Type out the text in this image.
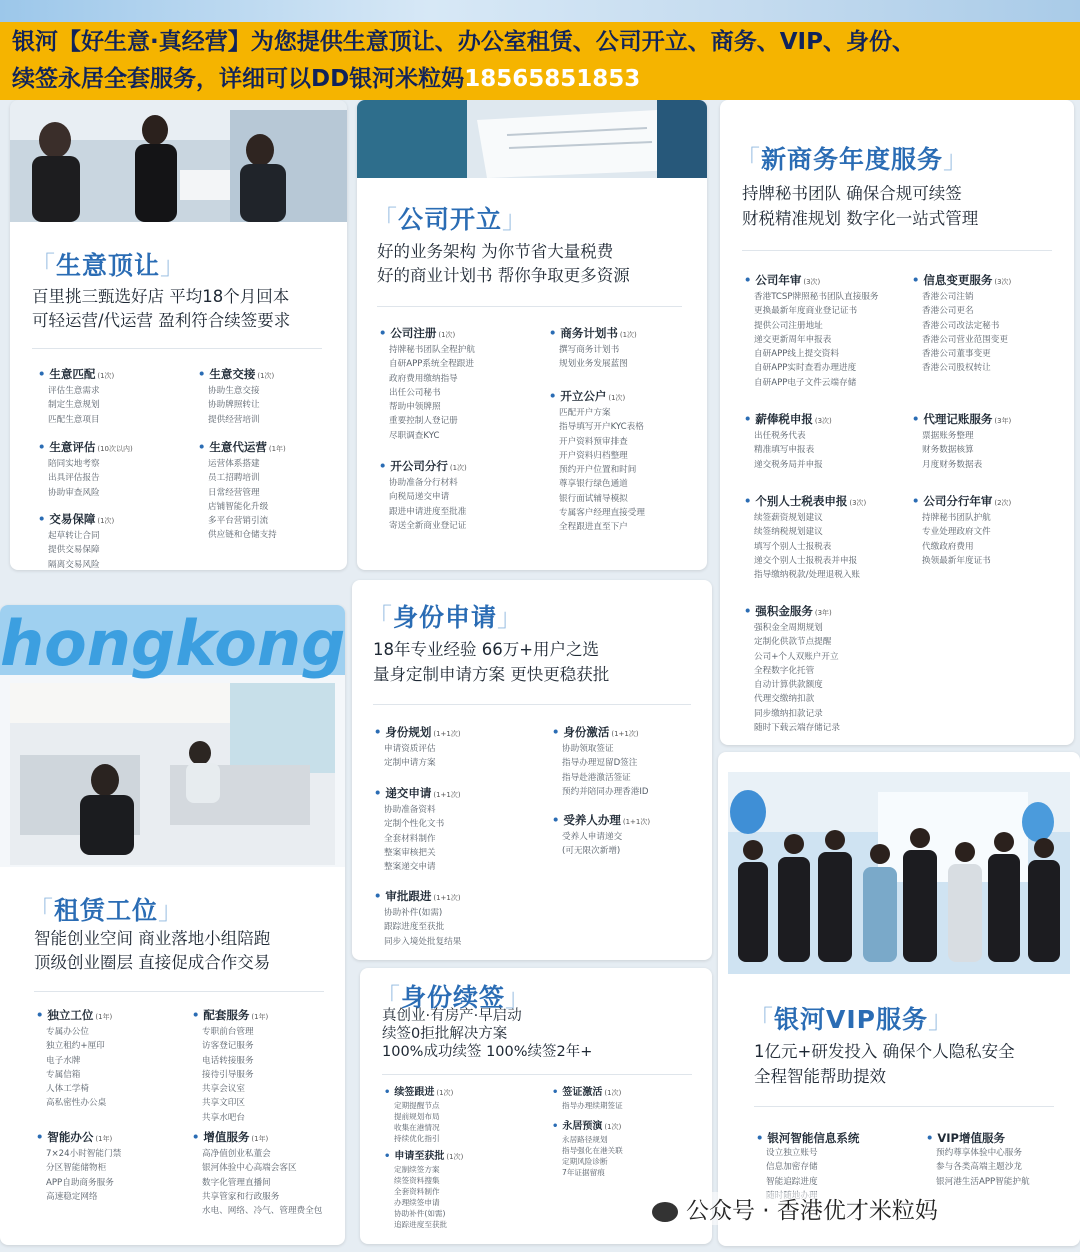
银河【好生意·真经营】为您提供生意顶让、办公室租赁、公司开立、商务、VIP、身份、
续签永居全套服务，详细可以DD银河米粒妈18565851853
「生意顶让」
百里挑三甄选好店 平均18个月回本
可轻运营/代运营 盈利符合续签要求
• 生意匹配 (1次)
评估生意需求
制定生意规划
匹配生意项目
• 生意交接 (1次)
协助生意交接
协助牌照转让
提供经营培训
• 生意评估 (10次以内)
陪同实地考察
出具评估报告
协助审查风险
• 生意代运营 (1年)
运营体系搭建
员工招聘培训
日常经营管理
店铺智能化升级
多平台营销引流
供应链和仓储支持
• 交易保障 (1次)
起草转让合同
提供交易保障
隔离交易风险
「公司开立」
好的业务架构 为你节省大量税费
好的商业计划书 帮你争取更多资源
• 公司注册 (1次)
持牌秘书团队全程护航
自研APP系统全程跟进
政府费用缴纳指导
出任公司秘书
帮助申领牌照
重要控制人登记册
尽职调查KYC
• 商务计划书 (1次)
撰写商务计划书
规划业务发展蓝图
• 开立公户 (1次)
匹配开户方案
指导填写开户KYC表格
开户资料预审排查
开户资料归档整理
预约开户位置和时间
尊享银行绿色通道
银行面试辅导模拟
专属客户经理直接受理
全程跟进直至下户
• 开公司分行 (1次)
协助准备分行材料
向税局递交申请
跟进申请进度至批准
寄送全新商业登记证
「新商务年度服务」
持牌秘书团队 确保合规可续签
财税精准规划 数字化一站式管理
• 公司年审 (3次)
香港TCSP牌照秘书团队直接服务
更换最新年度商业登记证书
提供公司注册地址
递交更新周年申报表
自研APP线上提交资料
自研APP实时查看办理进度
自研APP电子文件云端存储
• 信息变更服务 (3次)
香港公司注销
香港公司更名
香港公司改法定秘书
香港公司营业范围变更
香港公司董事变更
香港公司股权转让
• 薪俸税申报 (3次)
出任税务代表
精准填写申报表
递交税务局并申报
• 代理记账服务 (3年)
票据账务整理
财务数据核算
月度财务数据表
• 个别人士税表申报 (3次)
续签薪资规划建议
续签纳税规划建议
填写个别人士报税表
递交个别人士报税表并申报
指导缴纳税款/处理退税入账
• 公司分行年审 (2次)
持牌秘书团队护航
专业处理政府文件
代缴政府费用
换领最新年度证书
• 强积金服务 (3年)
强积金全周期规划
定制化供款节点提醒
公司+个人双账户开立
全程数字化托管
自动计算供款额度
代理交缴纳扣款
同步缴纳扣款记录
随时下载云端存储记录
hongkong
「租赁工位」
智能创业空间 商业落地小组陪跑
顶级创业圈层 直接促成合作交易
• 独立工位 (1年)
专属办公位
独立租约+厘印
电子水牌
专属信箱
人体工学椅
高私密性办公桌
• 配套服务 (1年)
专职前台管理
访客登记服务
电话转接服务
接待引导服务
共享会议室
共享文印区
共享水吧台
• 智能办公 (1年)
7×24小时智能门禁
分区智能储物柜
APP自助商务服务
高速稳定网络
• 增值服务 (1年)
高净值创业私董会
银河体验中心高端会客区
数字化管理直播间
共享管家和行政服务
水电、网络、冷气、管理费全包
「身份申请」
18年专业经验 66万+用户之选
量身定制申请方案 更快更稳获批
• 身份规划 (1+1次)
申请资质评估
定制申请方案
• 身份激活 (1+1次)
协助领取签证
指导办理逗留D签注
指导赴港激活签证
预约并陪同办理香港ID
• 递交申请 (1+1次)
协助准备资料
定制个性化文书
全套材料制作
整案审核把关
整案递交申请
• 受养人办理 (1+1次)
受养人申请递交
(可无限次新增)
• 审批跟进 (1+1次)
协助补件(如需)
跟踪进度至获批
同步入境处批复结果
「身份续签」
真创业·有房产·早启动
续签0拒批解决方案
100%成功续签 100%续签2年+
• 续签跟进 (1次)
定期提醒节点
提前规划布局
收集在港情况
持续优化指引
• 签证激活 (1次)
指导办理续期签证
• 永居预演 (1次)
永居路径规划
指导强化在港关联
定期风险诊断
7年证据留痕
• 申请至获批 (1次)
定制续签方案
续签资料搜集
全套资料制作
办理续签申请
协助补件(如需)
追踪进度至获批
「银河VIP服务」
1亿元+研发投入 确保个人隐私安全
全程智能帮助提效
• 银河智能信息系统
设立独立账号
信息加密存储
智能追踪进度
• VIP增值服务
预约尊享体验中心服务
参与各类高端主题沙龙
银河港生活APP智能护航
公众号 · 香港优才米粒妈
